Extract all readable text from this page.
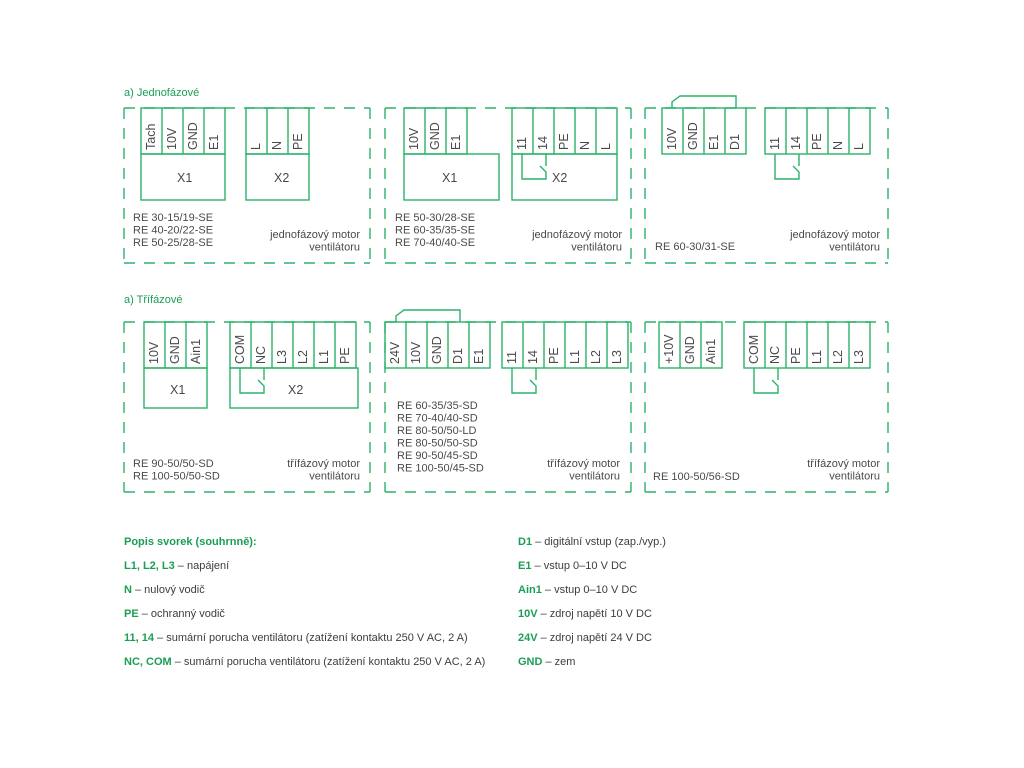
a) Jednofázové
a) Třífázové
Tach 10V GND E1
X1
L N PE
X2
RE 30-15/19-SE
RE 40-20/22-SE
RE 50-25/28-SE
jednofázový motor
ventilátoru
10V GND E1
X1
11 14 PE N L
X2
RE 50-30/28-SE
RE 60-35/35-SE
RE 70-40/40-SE
jednofázový motor
ventilátoru
10V GND E1 D1 11 14 PE N L
RE 60-30/31-SE
jednofázový motor
ventilátoru
10V GND Ain1
X1
COM NC L3 L2 L1 PE
X2
RE 90-50/50-SD
RE 100-50/50-SD
třífázový motor
ventilátoru
24V 10V GND D1 E1 11 14 PE L1 L2 L3
RE 60-35/35-SD
RE 70-40/40-SD
RE 80-50/50-LD
RE 80-50/50-SD
RE 90-50/45-SD
RE 100-50/45-SD	třífázový motor
ventilátoru
+10V GND Ain1 COM NC PE L1 L2 L3
RE 100-50/56-SD
třífázový motor
ventilátoru
Popis svorek (souhrnně):
L1, L2, L3 – napájení
N – nulový vodič
PE – ochranný vodič
11, 14 – sumární porucha ventilátoru (zatížení kontaktu 250 V AC, 2 A)
NC, COM – sumární porucha ventilátoru (zatížení kontaktu 250 V AC, 2 A)
D1 – digitální vstup (zap./vyp.)
E1 – vstup 0–10 V DC
Ain1 – vstup 0–10 V DC
10V – zdroj napětí 10 V DC
24V – zdroj napětí 24 V DC
GND – zem
